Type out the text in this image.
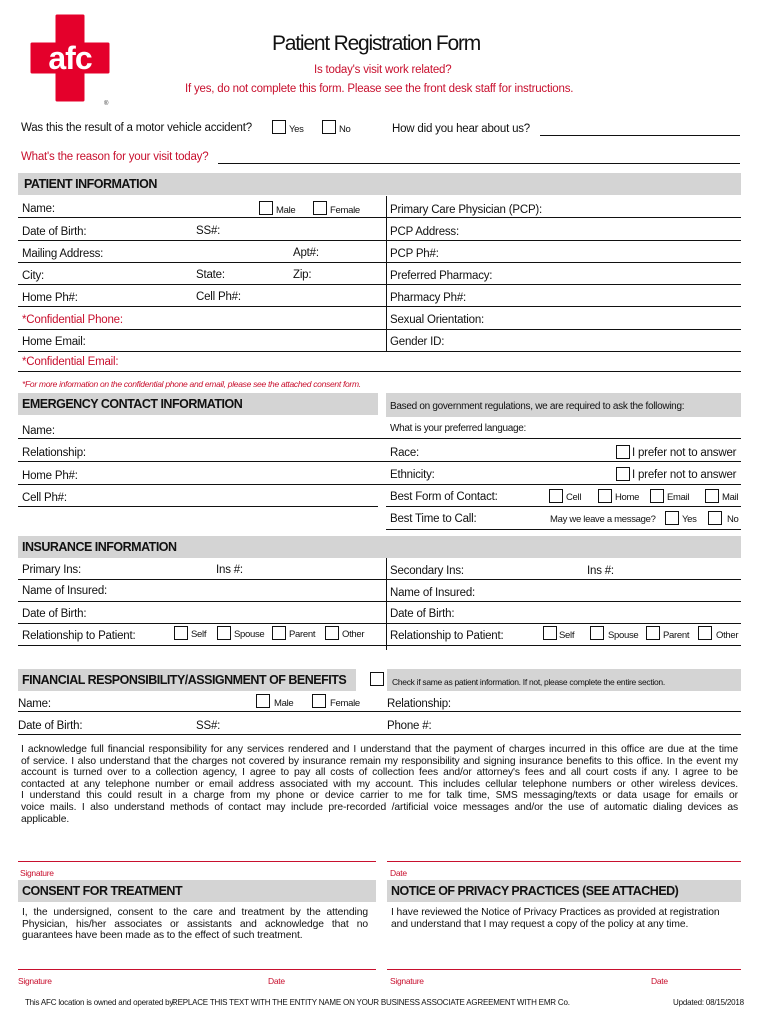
afc
®
Patient Registration Form
Is today's visit work related?
If yes, do not complete this form. Please see the front desk staff for instructions.
Was this the result of a motor vehicle accident?	Yes	No	How did you hear about us?
What's the reason for your visit today?
PATIENT INFORMATION
Name:	Male	Female	Primary Care Physician (PCP):
Date of Birth:	SS#:	PCP Address:
Mailing Address:	Apt#:	PCP Ph#:
City:	State:	Zip:	Preferred Pharmacy:
Home Ph#:	Cell Ph#:	Pharmacy Ph#:
*Confidential Phone:	Sexual Orientation:
Home Email:	Gender ID:
*Confidential Email:
*For more information on the confidential phone and email, please see the attached consent form.
EMERGENCY CONTACT INFORMATION	Based on government regulations, we are required to ask the following:
Name:	What is your preferred language:
Relationship:	Race:	I prefer not to answer
Home Ph#:	Ethnicity:	I prefer not to answer
Cell Ph#:	Best Form of Contact:	Cell	Home	Email	Mail
Best Time to Call:	May we leave a message?	Yes	No
INSURANCE INFORMATION
Primary Ins:	Ins #:	Secondary Ins:	Ins #:
Name of Insured:	Name of Insured:
Date of Birth:	Date of Birth:
Relationship to Patient:	Self	Spouse	Parent	Other Relationship to Patient:	Self	Spouse	Parent	Other
FINANCIAL RESPONSIBILITY/ASSIGNMENT OF BENEFITS	Check if same as patient information. If not, please complete the entire section.
Name:	Male	Female Relationship:
Date of Birth:	SS#:	Phone #:
I acknowledge full financial responsibility for any services rendered and I understand that the payment of charges incurred in this office are due at the time
of service. I also understand that the charges not covered by insurance remain my responsibility and signing insurance benefits to this office. In the event my
account is turned over to a collection agency, I agree to pay all costs of collection fees and/or attorney's fees and all court costs if any. I agree to be
contacted at any telephone number or email address associated with my account. This includes cellular telephone numbers or other wireless devices.
I understand this could result in a charge from my phone or device carrier to me for talk time, SMS messaging/texts or data usage for emails or
voice mails. I also understand methods of contact may include pre-recorded /artificial voice messages and/or the use of automatic dialing devices as
applicable.
Signature	Date
CONSENT FOR TREATMENT	NOTICE OF PRIVACY PRACTICES (SEE ATTACHED)
I, the undersigned, consent to the care and treatment by the attending
Physician, his/her associates or assistants and acknowledge that no
guarantees have been made as to the effect of such treatment.
I have reviewed the Notice of Privacy Practices as provided at registration
and understand that I may request a copy of the policy at any time.
Signature	Date	Signature	Date
This AFC location is owned and operated by:
REPLACE THIS TEXT WITH THE ENTITY NAME ON YOUR BUSINESS ASSOCIATE AGREEMENT WITH EMR Co.	Updated: 08/15/2018
